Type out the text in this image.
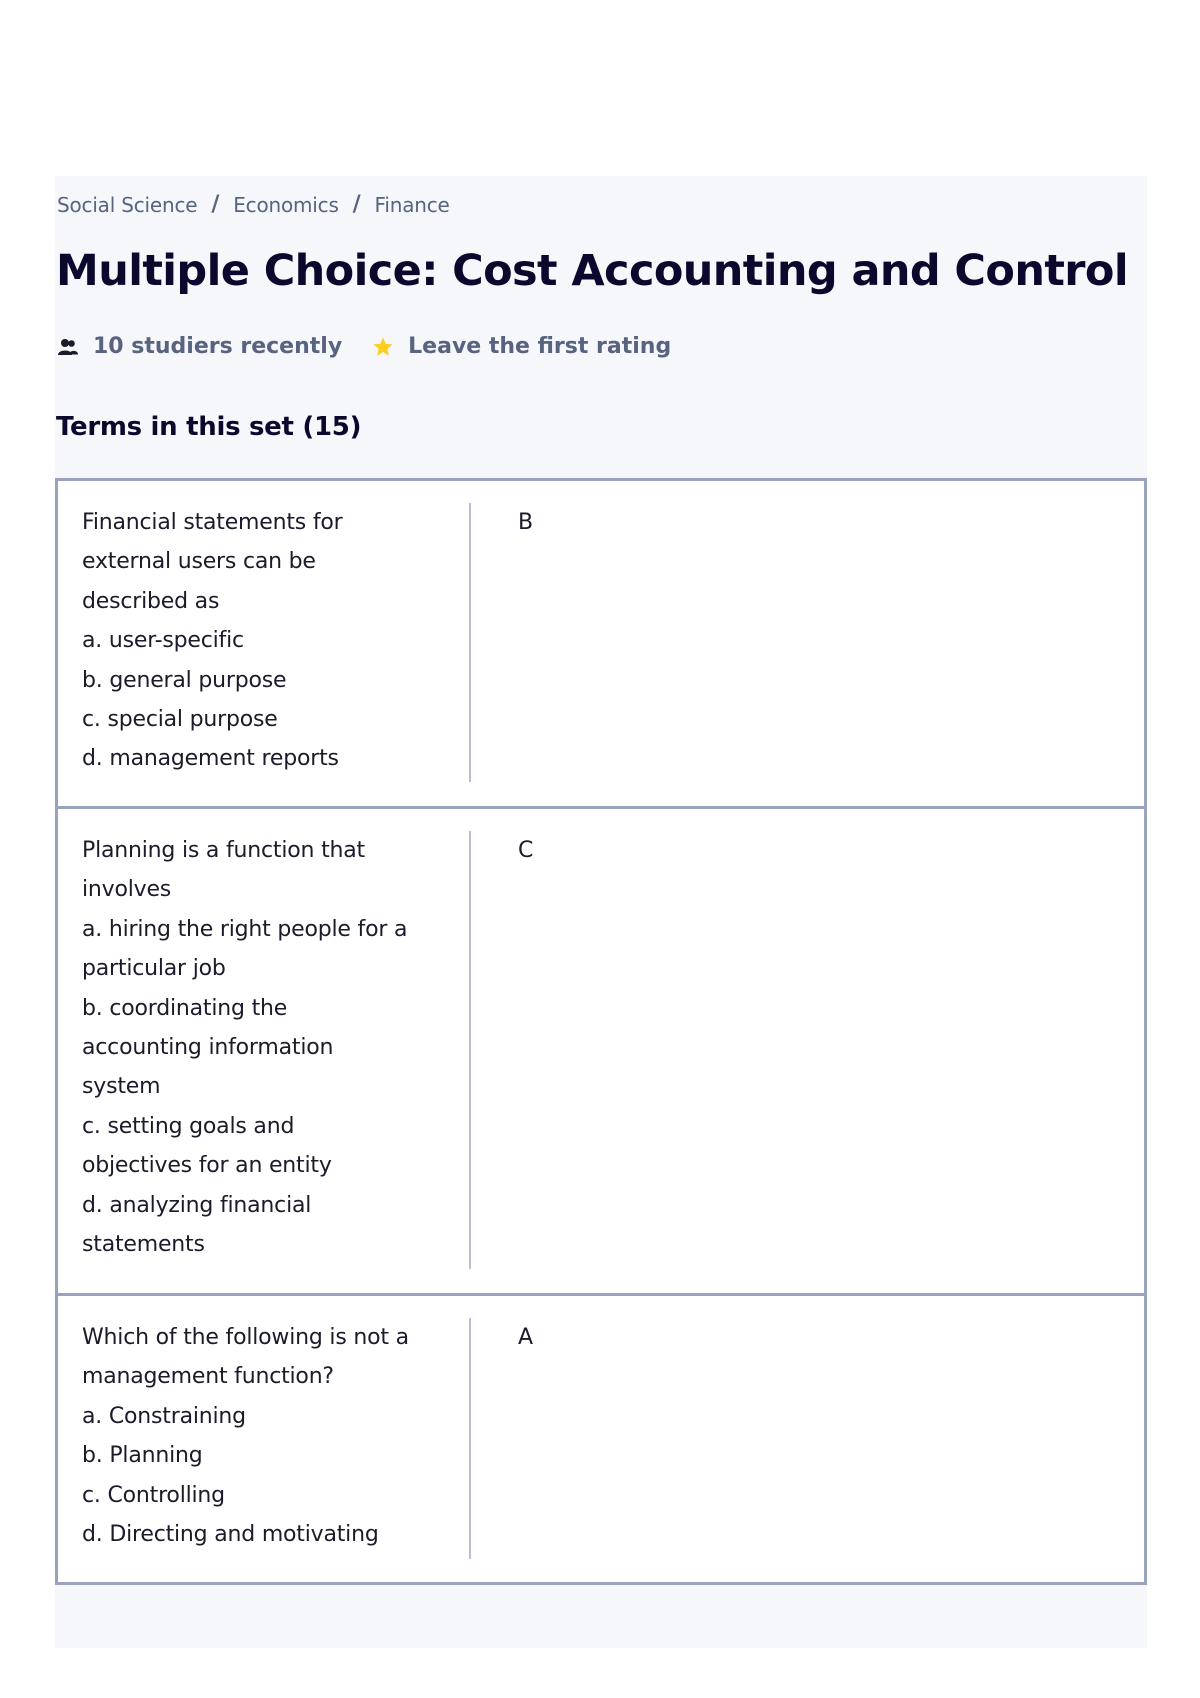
Social Science / Economics / Finance
Multiple Choice: Cost Accounting and Control
10 studiers recently	Leave the first rating
Terms in this set (15)
Financial statements for
external users can be
described as
a. user-specific
b. general purpose
c. special purpose
d. management reports
B
Planning is a function that
involves
a. hiring the right people for a
particular job
b. coordinating the
accounting information
system
c. setting goals and
objectives for an entity
d. analyzing financial
statements
C
Which of the following is not a
management function?
a. Constraining
b. Planning
c. Controlling
d. Directing and motivating
A
